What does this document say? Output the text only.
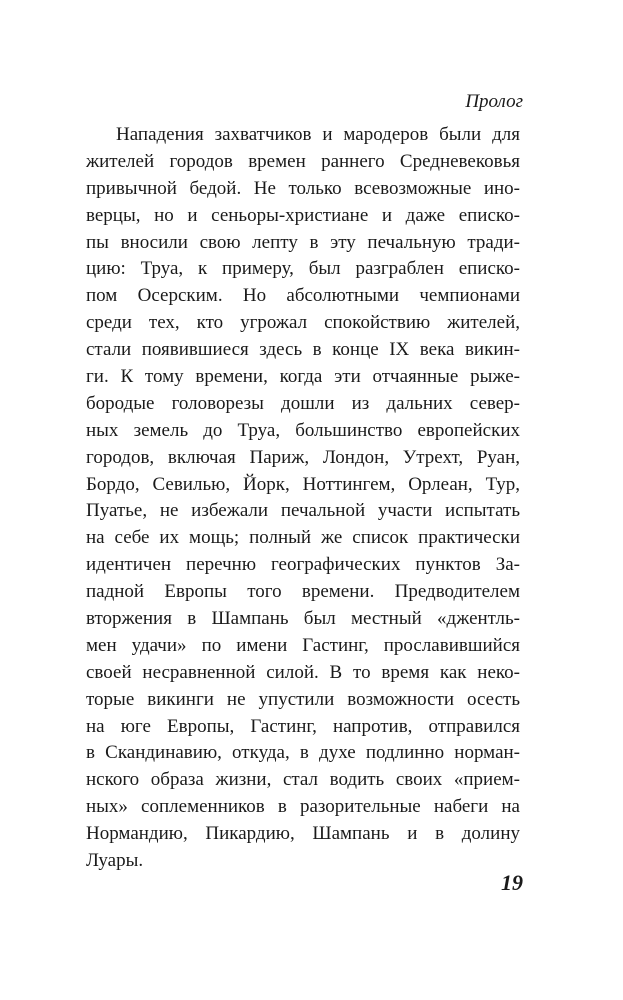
Пролог
Нападения захватчиков и мародеров были для
жителей городов времен раннего Средневековья
привычной бедой. Не только всевозможные ино-
верцы, но и сеньоры-христиане и даже еписко-
пы вносили свою лепту в эту печальную тради-
цию: Труа, к примеру, был разграблен еписко-
пом Осерским. Но абсолютными чемпионами
среди тех, кто угрожал спокойствию жителей,
стали появившиеся здесь в конце IX века викин-
ги. К тому времени, когда эти отчаянные рыже-
бородые головорезы дошли из дальних север-
ных земель до Труа, большинство европейских
городов, включая Париж, Лондон, Утрехт, Руан,
Бордо, Севилью, Йорк, Ноттингем, Орлеан, Тур,
Пуатье, не избежали печальной участи испытать
на себе их мощь; полный же список практически
идентичен перечню географических пунктов За-
падной Европы того времени. Предводителем
вторжения в Шампань был местный «джентль-
мен удачи» по имени Гастинг, прославившийся
своей несравненной силой. В то время как неко-
торые викинги не упустили возможности осесть
на юге Европы, Гастинг, напротив, отправился
в Скандинавию, откуда, в духе подлинно норман-
нского образа жизни, стал водить своих «прием-
ных» соплеменников в разорительные набеги на
Нормандию, Пикардию, Шампань и в долину
Луары.
19
